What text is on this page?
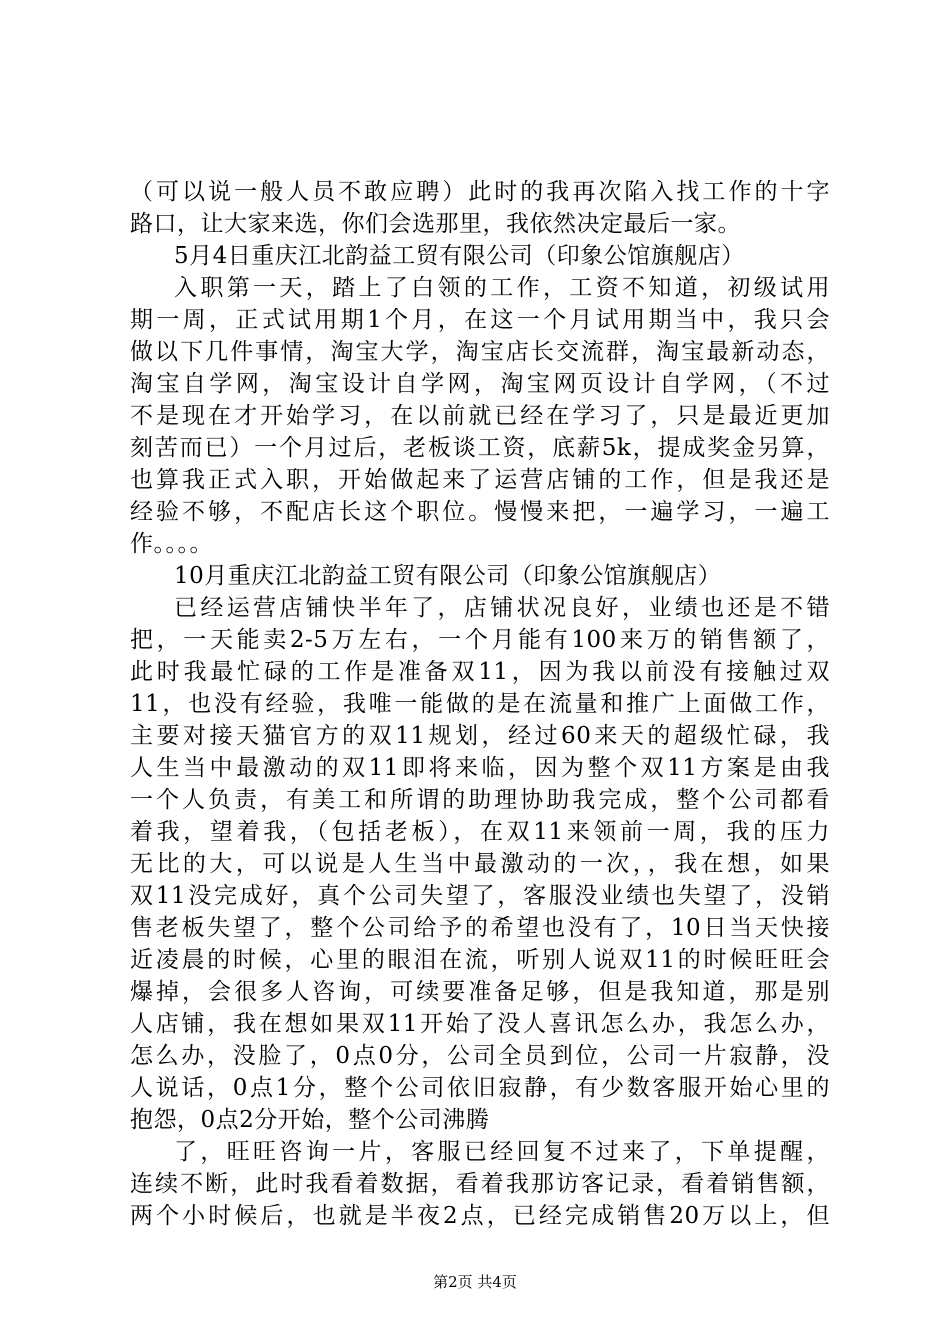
（可以说一般人员不敢应聘）此时的我再次陷入找工作的十字
路口，让大家来选，你们会选那里，我依然决定最后一家。
5月4日重庆江北韵益工贸有限公司（印象公馆旗舰店）
入职第一天，踏上了白领的工作，工资不知道，初级试用
期一周，正式试用期1个月，在这一个月试用期当中，我只会
做以下几件事情，淘宝大学，淘宝店长交流群，淘宝最新动态，
淘宝自学网，淘宝设计自学网，淘宝网页设计自学网，（不过
不是现在才开始学习，在以前就已经在学习了，只是最近更加
刻苦而已）一个月过后，老板谈工资，底薪5k，提成奖金另算，
也算我正式入职，开始做起来了运营店铺的工作，但是我还是
经验不够，不配店长这个职位。慢慢来把，一遍学习，一遍工
作。。。。
10月重庆江北韵益工贸有限公司（印象公馆旗舰店）
已经运营店铺快半年了，店铺状况良好，业绩也还是不错
把，一天能卖2-5万左右，一个月能有100来万的销售额了，
此时我最忙碌的工作是准备双11，因为我以前没有接触过双
11，也没有经验，我唯一能做的是在流量和推广上面做工作，
主要对接天猫官方的双11规划，经过60来天的超级忙碌，我
人生当中最激动的双11即将来临，因为整个双11方案是由我
一个人负责，有美工和所谓的助理协助我完成，整个公司都看
着我，望着我，（包括老板），在双11来领前一周，我的压力
无比的大，可以说是人生当中最激动的一次，，我在想，如果
双11没完成好，真个公司失望了，客服没业绩也失望了，没销
售老板失望了，整个公司给予的希望也没有了，10日当天快接
近凌晨的时候，心里的眼泪在流，听别人说双11的时候旺旺会
爆掉，会很多人咨询，可续要准备足够，但是我知道，那是别
人店铺，我在想如果双11开始了没人喜讯怎么办，我怎么办，
怎么办，没脸了，0点0分，公司全员到位，公司一片寂静，没
人说话，0点1分，整个公司依旧寂静，有少数客服开始心里的
抱怨，0点2分开始，整个公司沸腾
了，旺旺咨询一片，客服已经回复不过来了，下单提醒，
连续不断，此时我看着数据，看着我那访客记录，看着销售额，
两个小时候后，也就是半夜2点，已经完成销售20万以上，但
第2页 共4页
